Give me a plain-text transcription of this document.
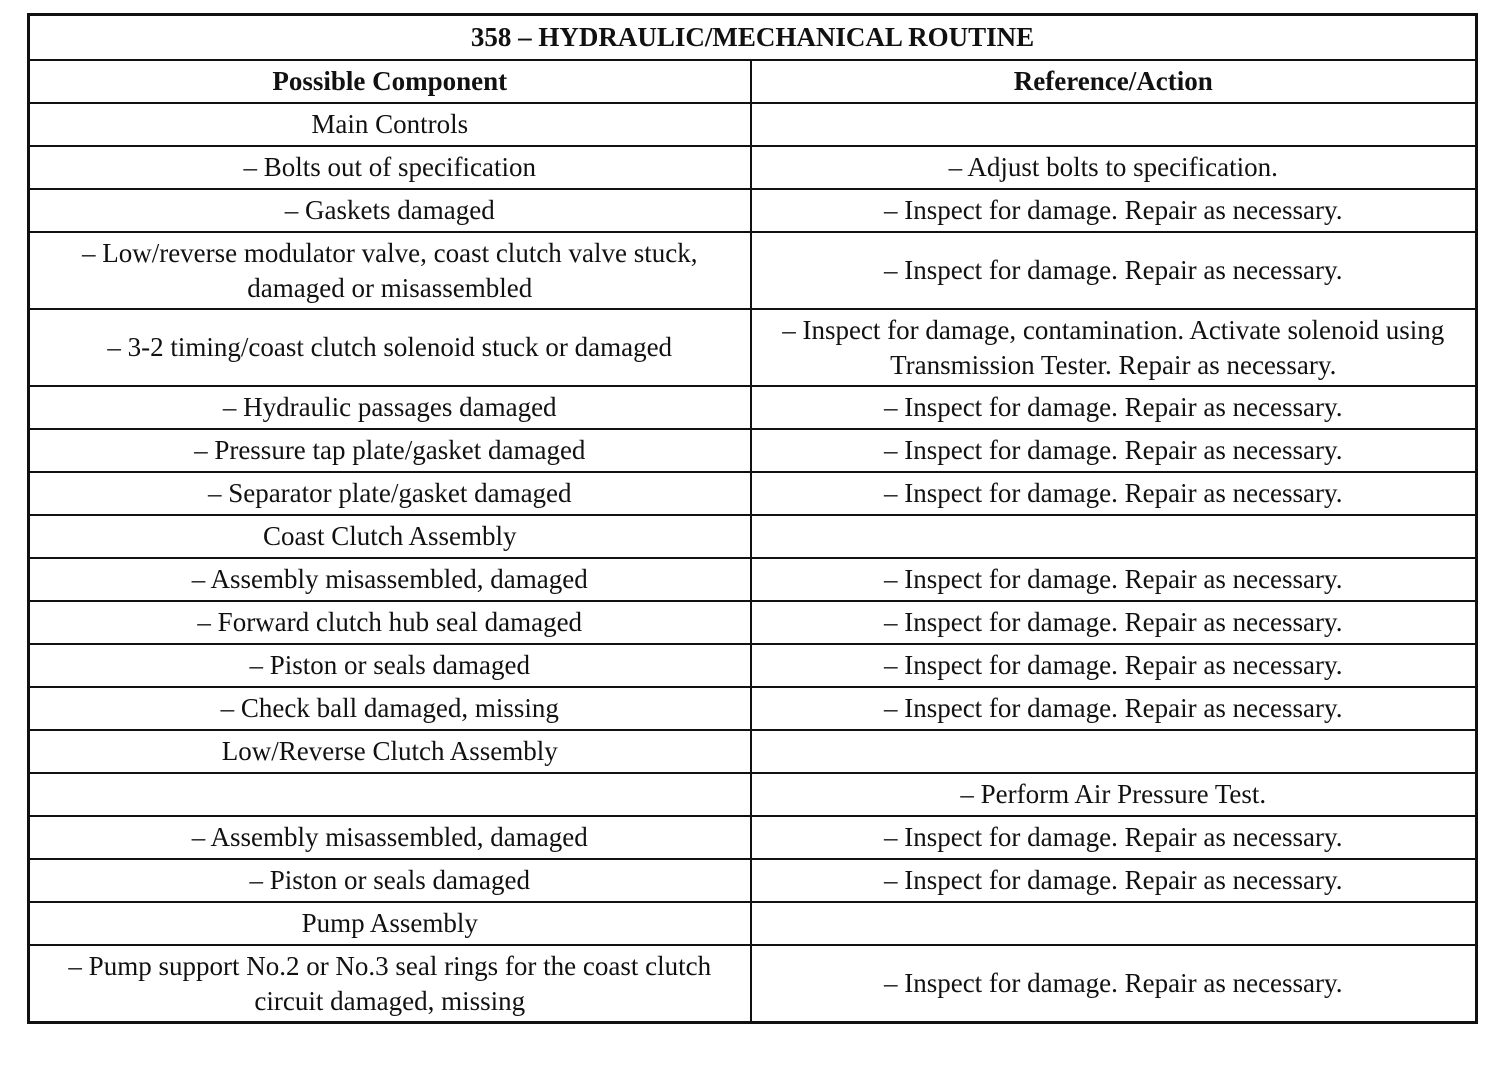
358 – HYDRAULIC/MECHANICAL ROUTINE	
Possible Component	Reference/Action
Main Controls	
– Bolts out of specification	– Adjust bolts to specification.
– Gaskets damaged	– Inspect for damage. Repair as necessary.
– Low/reverse modulator valve, coast clutch valve stuck, damaged or misassembled	– Inspect for damage. Repair as necessary.
– 3-2 timing/coast clutch solenoid stuck or damaged	– Inspect for damage, contamination. Activate solenoid using Transmission Tester. Repair as necessary.
– Hydraulic passages damaged	– Inspect for damage. Repair as necessary.
– Pressure tap plate/gasket damaged	– Inspect for damage. Repair as necessary.
– Separator plate/gasket damaged	– Inspect for damage. Repair as necessary.
Coast Clutch Assembly	
– Assembly misassembled, damaged	– Inspect for damage. Repair as necessary.
– Forward clutch hub seal damaged	– Inspect for damage. Repair as necessary.
– Piston or seals damaged	– Inspect for damage. Repair as necessary.
– Check ball damaged, missing	– Inspect for damage. Repair as necessary.
Low/Reverse Clutch Assembly	
	– Perform Air Pressure Test.
– Assembly misassembled, damaged	– Inspect for damage. Repair as necessary.
– Piston or seals damaged	– Inspect for damage. Repair as necessary.
Pump Assembly	
– Pump support No.2 or No.3 seal rings for the coast clutch circuit damaged, missing	– Inspect for damage. Repair as necessary.
